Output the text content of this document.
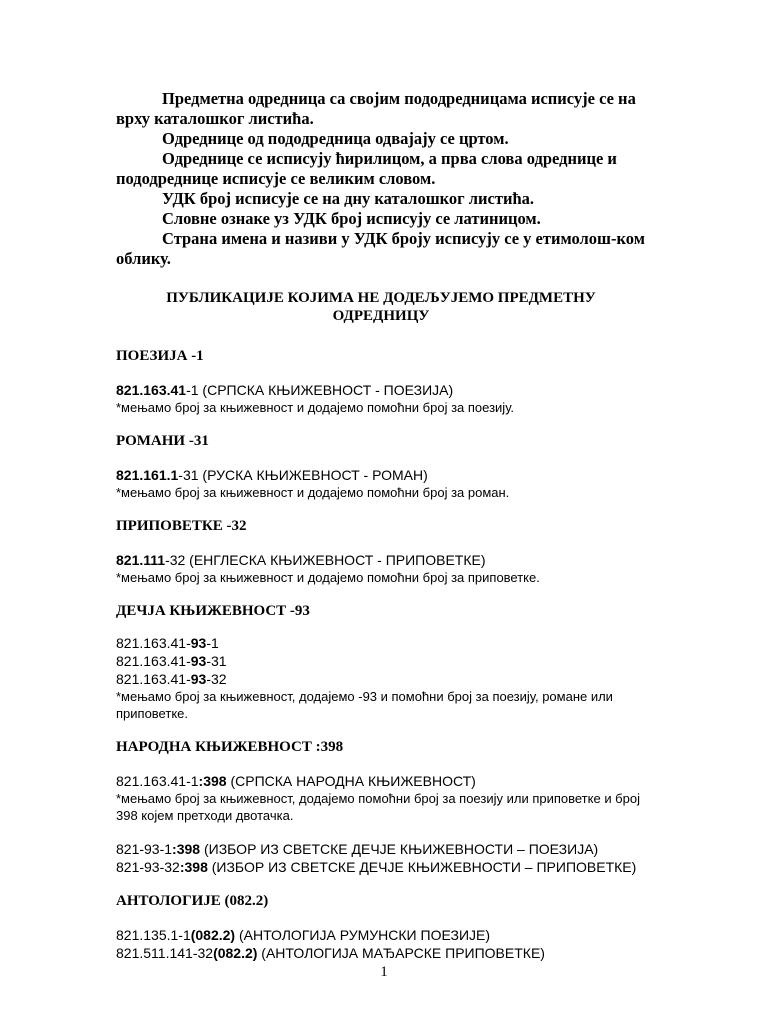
Предметна одредница са својим пододредницама исписује се на врху каталошког листића.

Одреднице од пододредница одвајају се цртом.

Одреднице се исписују ћирилицом, а прва слова одреднице и пододреднице исписује се великим словом.

УДК број исписује се на дну каталошког листића.

Словне ознаке уз УДК број исписују се латиницом.

Страна имена и називи у УДК броју исписују се у етимолош-ком облику.

ПУБЛИКАЦИЈЕ КОЈИМА НЕ ДОДЕЉУЈЕМО ПРЕДМЕТНУ
ОДРЕДНИЦУ
ПОЕЗИЈА -1
821.163.41-1 (СРПСКА КЊИЖЕВНОСТ - ПОЕЗИЈА)
*мењамо број за књижевност и додајемо помоћни број за поезију.
РОМАНИ -31
821.161.1-31 (РУСКА КЊИЖЕВНОСТ - РОМАН)
*мењамо број за књижевност и додајемо помоћни број за роман.
ПРИПОВЕТКЕ -32
821.111-32 (ЕНГЛЕСКА КЊИЖЕВНОСТ - ПРИПОВЕТКЕ)
*мењамо број за књижевност и додајемо помоћни број за приповетке.
ДЕЧЈА КЊИЖЕВНОСТ -93
821.163.41-93-1
821.163.41-93-31
821.163.41-93-32
*мењамо број за књижевност, додајемо -93 и помоћни број за поезију, романе или приповетке.
НАРОДНА КЊИЖЕВНОСТ :398
821.163.41-1:398 (СРПСКА НАРОДНА КЊИЖЕВНОСТ)
*мењамо број за књижевност, додајемо помоћни број за поезију или приповетке и број 398 којем претходи двотачка.
821-93-1:398 (ИЗБОР ИЗ СВЕТСКЕ ДЕЧЈЕ КЊИЖЕВНОСТИ – ПОЕЗИЈА)
821-93-32:398 (ИЗБОР ИЗ СВЕТСКЕ ДЕЧЈЕ КЊИЖЕВНОСТИ – ПРИПОВЕТКЕ)
АНТОЛОГИЈЕ (082.2)
821.135.1-1(082.2) (АНТОЛОГИЈА РУМУНСКИ ПОЕЗИЈЕ)
821.511.141-32(082.2) (АНТОЛОГИЈА МАЂАРСКЕ ПРИПОВЕТКЕ)
1
